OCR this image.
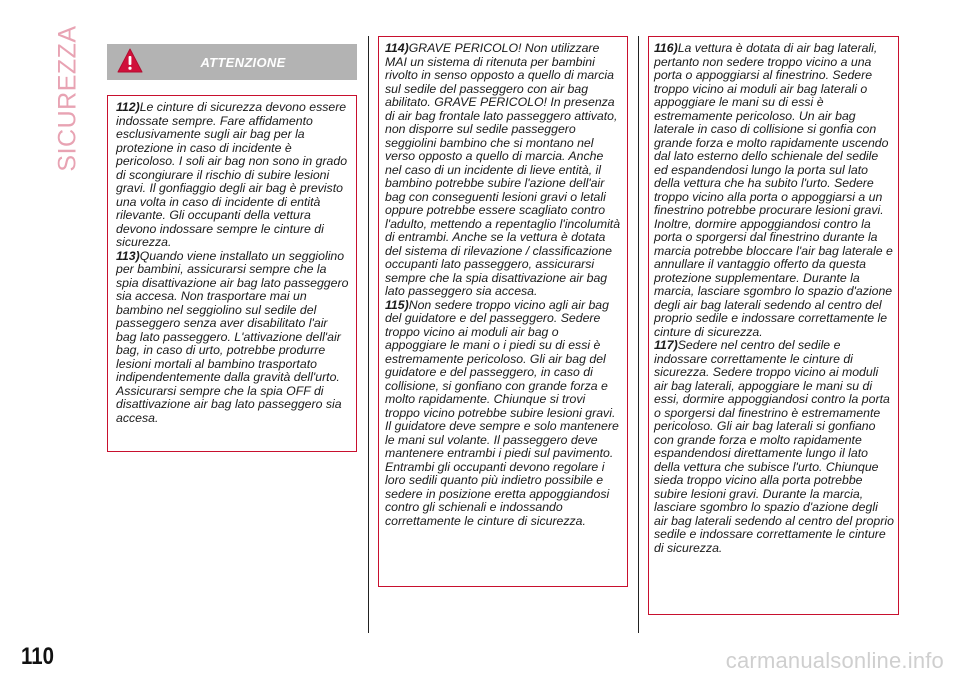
SICUREZZA	ATTENZIONE

112)Le cinture di sicurezza devono essere indossate sempre. Fare affidamento esclusivamente sugli air bag per la protezione in caso di incidente è pericoloso. I soli air bag non sono in grado di scongiurare il rischio di subire lesioni gravi. Il gonfiaggio degli air bag è previsto una volta in caso di incidente di entità rilevante. Gli occupanti della vettura devono indossare sempre le cinture di sicurezza.

113)Quando viene installato un seggiolino per bambini, assicurarsi sempre che la spia disattivazione air bag lato passeggero sia accesa. Non trasportare mai un bambino nel seggiolino sul sedile del passeggero senza aver disabilitato l'air bag lato passeggero. L'attivazione dell'air bag, in caso di urto, potrebbe produrre lesioni mortali al bambino trasportato indipendentemente dalla gravità dell'urto. Assicurarsi sempre che la spia OFF di disattivazione air bag lato passeggero sia accesa.

114)GRAVE PERICOLO! Non utilizzare MAI un sistema di ritenuta per bambini rivolto in senso opposto a quello di marcia sul sedile del passeggero con air bag abilitato. GRAVE PERICOLO! In presenza di air bag frontale lato passeggero attivato, non disporre sul sedile passeggero seggiolini bambino che si montano nel verso opposto a quello di marcia. Anche nel caso di un incidente di lieve entità, il bambino potrebbe subire l'azione dell'air bag con conseguenti lesioni gravi o letali oppure potrebbe essere scagliato contro l'adulto, mettendo a repentaglio l'incolumità di entrambi. Anche se la vettura è dotata del sistema di rilevazione / classificazione occupanti lato passeggero, assicurarsi sempre che la spia disattivazione air bag lato passeggero sia accesa.

115)Non sedere troppo vicino agli air bag del guidatore e del passeggero. Sedere troppo vicino ai moduli air bag o appoggiare le mani o i piedi su di essi è estremamente pericoloso. Gli air bag del guidatore e del passeggero, in caso di collisione, si gonfiano con grande forza e molto rapidamente. Chiunque si trovi troppo vicino potrebbe subire lesioni gravi. Il guidatore deve sempre e solo mantenere le mani sul volante. Il passeggero deve mantenere entrambi i piedi sul pavimento. Entrambi gli occupanti devono regolare i loro sedili quanto più indietro possibile e sedere in posizione eretta appoggiandosi contro gli schienali e indossando correttamente le cinture di sicurezza.

116)La vettura è dotata di air bag laterali, pertanto non sedere troppo vicino a una porta o appoggiarsi al finestrino. Sedere troppo vicino ai moduli air bag laterali o appoggiare le mani su di essi è estremamente pericoloso. Un air bag laterale in caso di collisione si gonfia con grande forza e molto rapidamente uscendo dal lato esterno dello schienale del sedile ed espandendosi lungo la porta sul lato della vettura che ha subito l'urto. Sedere troppo vicino alla porta o appoggiarsi a un finestrino potrebbe procurare lesioni gravi. Inoltre, dormire appoggiandosi contro la porta o sporgersi dal finestrino durante la marcia potrebbe bloccare l'air bag laterale e annullare il vantaggio offerto da questa protezione supplementare. Durante la marcia, lasciare sgombro lo spazio d'azione degli air bag laterali sedendo al centro del proprio sedile e indossare correttamente le cinture di sicurezza.

117)Sedere nel centro del sedile e indossare correttamente le cinture di sicurezza. Sedere troppo vicino ai moduli air bag laterali, appoggiare le mani su di essi, dormire appoggiandosi contro la porta o sporgersi dal finestrino è estremamente pericoloso. Gli air bag laterali si gonfiano con grande forza e molto rapidamente espandendosi direttamente lungo il lato della vettura che subisce l'urto. Chiunque sieda troppo vicino alla porta potrebbe subire lesioni gravi. Durante la marcia, lasciare sgombro lo spazio d'azione degli air bag laterali sedendo al centro del proprio sedile e indossare correttamente le cinture di sicurezza.

110	carmanualsonline.info
